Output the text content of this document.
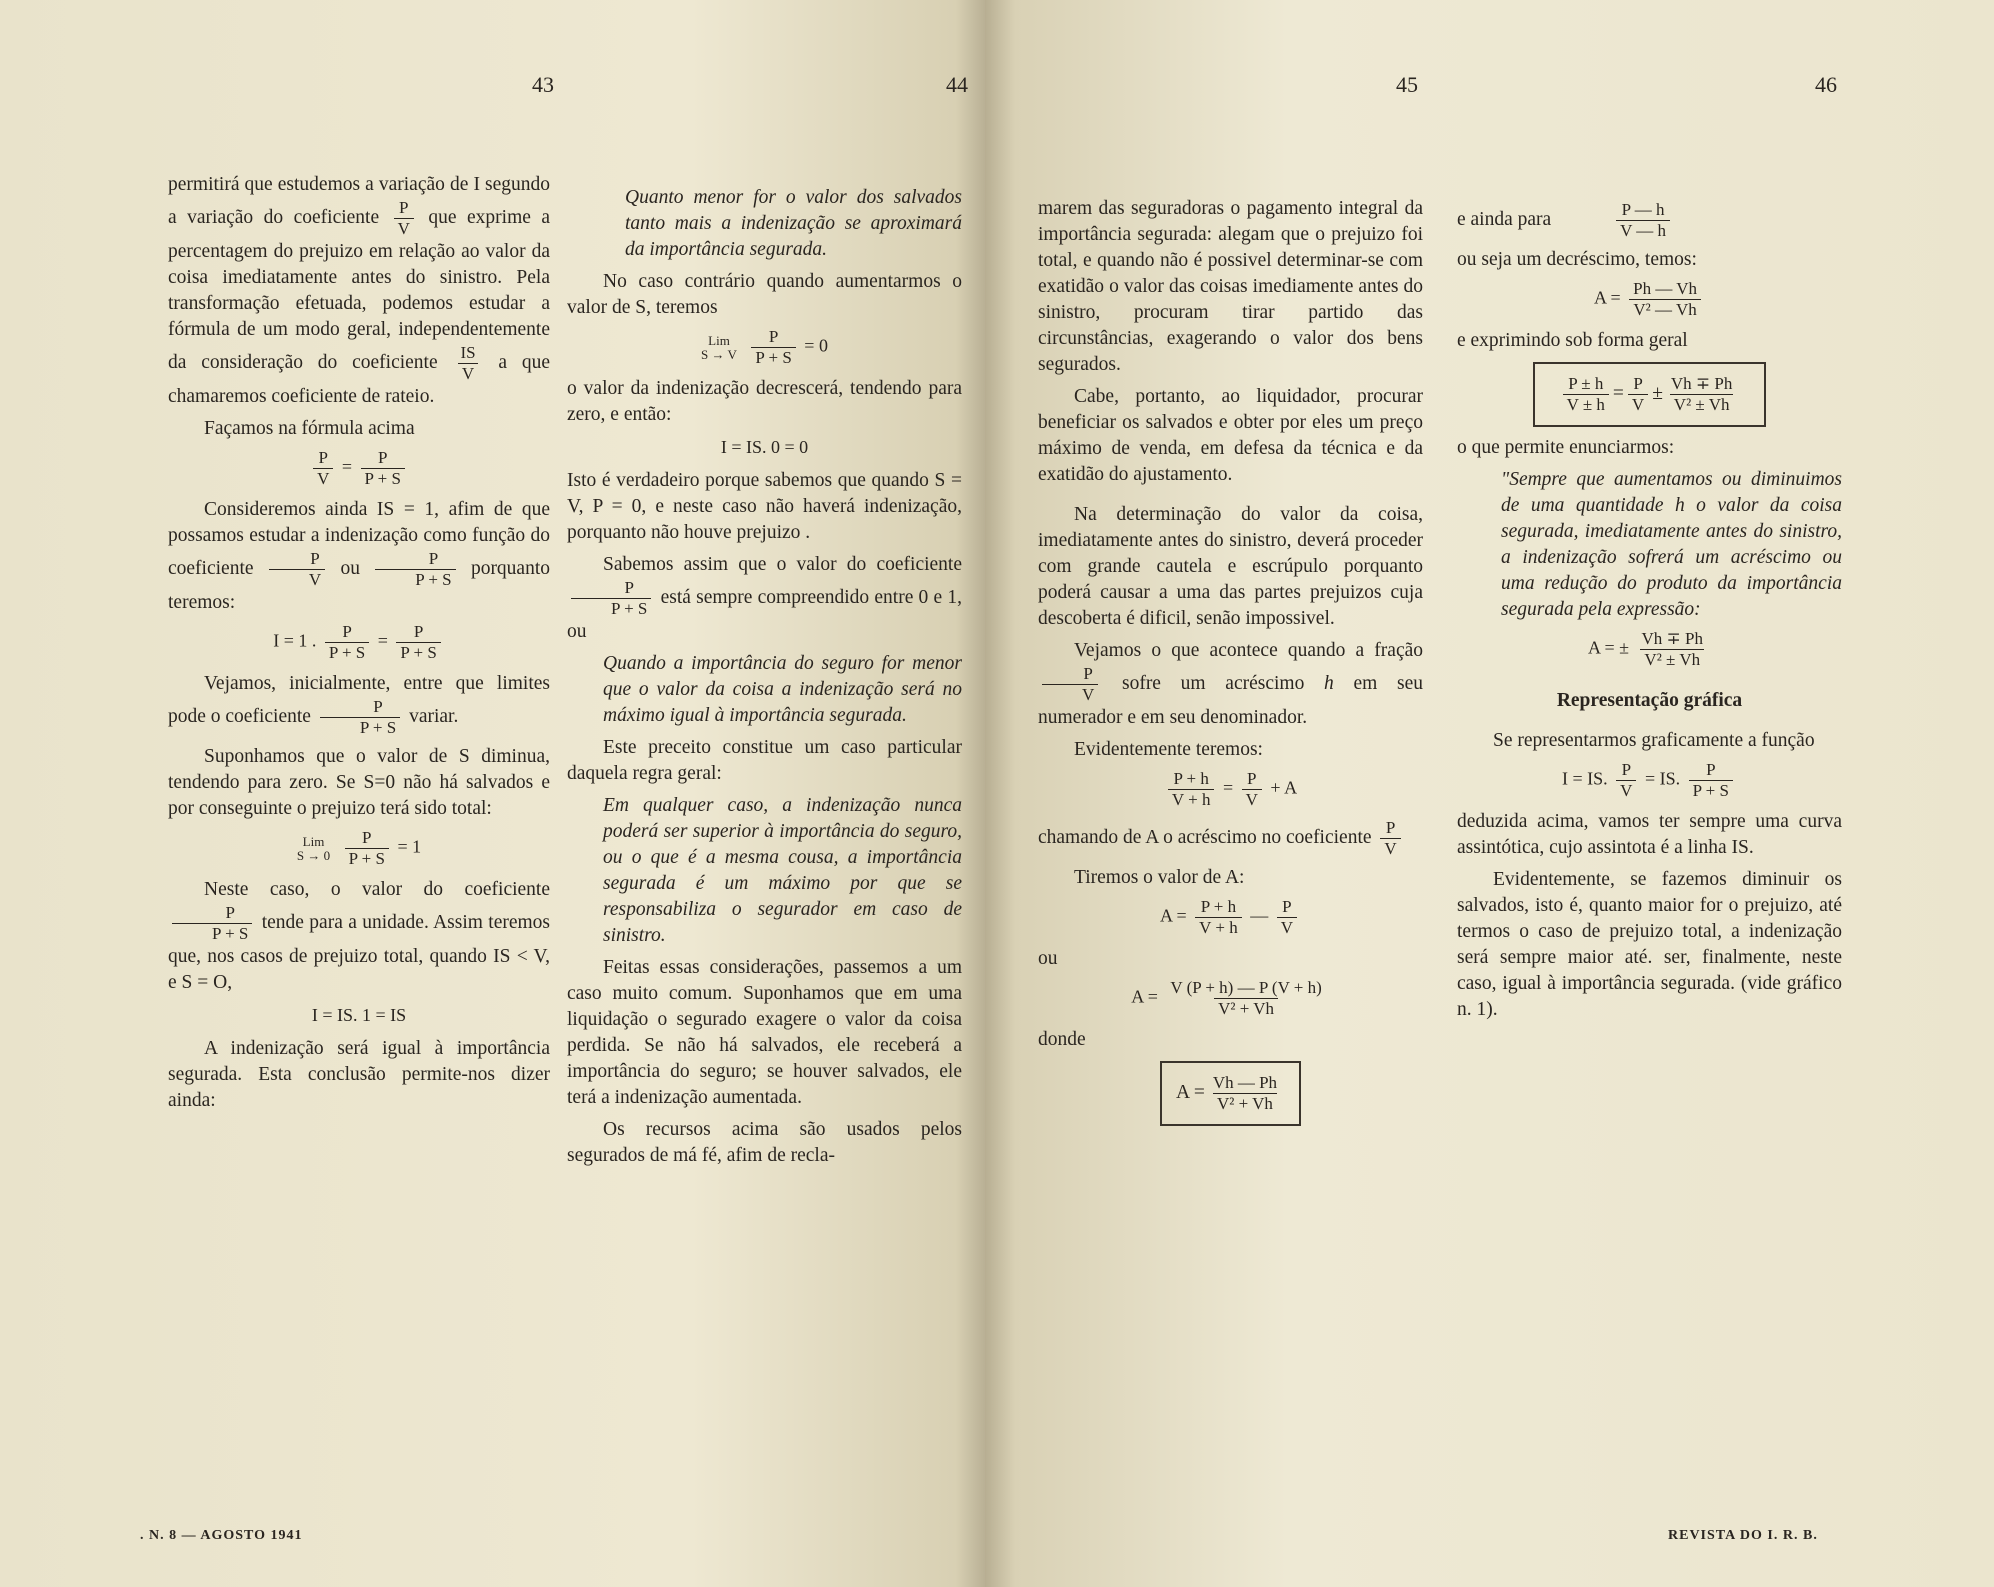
43	44	45	46

permitirá que estudemos a variação de I segundo a variação do coeficiente $\frac{P}{V}$ que exprime a percentagem do prejuizo em relação ao valor da coisa imediatamente antes do sinistro. Pela transformação efetuada, podemos estudar a fórmula de um modo geral, independentemente da consideração do coeficiente $\frac{IS}{V}$ a que chamaremos coeficiente de rateio.

Façamos na fórmula acima

$\frac{P}{V} = \frac{P}{P + S}$

Consideremos ainda IS = 1, afim de que possamos estudar a indenização como função do coeficiente $\frac{P}{V}$ ou $\frac{P}{P + S}$ porquanto teremos:

I = 1 . $\frac{P}{P + S} = \frac{P}{P + S}$

Vejamos, inicialmente, entre que limites pode o coeficiente $\frac{P}{P + S}$ variar.

Suponhamos que o valor de S diminua, tendendo para zero. Se S=0 não há salvados e por conseguinte o prejuizo terá sido total:

Lim
S → 0
$\frac{P}{P + S} = 1$

Neste caso, o valor do coeficiente
$\frac{P}{P + S}$ tende para a unidade. Assim teremos que, nos casos de prejuizo total, quando IS < V, e S = O,

I = IS. 1 = IS

A indenização será igual à importância segurada. Esta conclusão permite-nos dizer ainda:

Quanto menor for o valor dos salvados tanto mais a indenização se aproximará da importância segurada.

No caso contrário quando aumentarmos o valor de S, teremos

Lim
S → V
$\frac{P}{P + S} = 0$

o valor da indenização decrescerá, tendendo para zero, e então:

I = IS. 0 = 0

Isto é verdadeiro porque sabemos que quando S = V, P = 0, e neste caso não haverá indenização, porquanto não houve prejuizo .

Sabemos assim que o valor do coeficiente
$\frac{P}{P + S}$ está sempre compreendido entre 0 e 1, ou

Quando a importância do seguro for menor que o valor da coisa a indenização será no máximo igual à importância segurada.

Este preceito constitue um caso particular daquela regra geral:

Em qualquer caso, a indenização nunca poderá ser superior à importância do seguro, ou o que é a mesma cousa, a importância segurada é um máximo por que se responsabiliza o segurador em caso de sinistro.

Feitas essas considerações, passemos a um caso muito comum. Suponhamos que em uma liquidação o segurado exagere o valor da coisa perdida. Se não há salvados, ele receberá a importância do seguro; se houver salvados, ele terá a indenização aumentada.

Os recursos acima são usados pelos segurados de má fé, afim de recla-

marem das seguradoras o pagamento integral da importância segurada: alegam que o prejuizo foi total, e quando não é possivel determinar-se com exatidão o valor das coisas imediamente antes do sinistro, procuram tirar partido das circunstâncias, exagerando o valor dos bens segurados.

Cabe, portanto, ao liquidador, procurar beneficiar os salvados e obter por eles um preço máximo de venda, em defesa da técnica e da exatidão do ajustamento.

Na determinação do valor da coisa, imediatamente antes do sinistro, deverá proceder com grande cautela e escrúpulo porquanto poderá causar a uma das partes prejuizos cuja descoberta é dificil, senão impossivel.

Vejamos o que acontece quando a fração
$\frac{P}{V}$ sofre um acréscimo h em seu numerador e em seu denominador.

Evidentemente teremos:

$\frac{P + h}{V + h} = \frac{P}{V} + A$

chamando de A o acréscimo no coeficiente $\frac{P}{V}$

Tiremos o valor de A:

$A = \frac{P + h}{V + h}$ — $\frac{P}{V}$

ou

$A = \frac{V (P + h) — P (V + h)}{\text{V² + Vh}}$

donde

$A = \frac{Vh — Ph}{\text{V² + Vh}}$

e ainda para	$\frac{P — h}{V — h}$

ou seja um decréscimo, temos:

$A = \frac{Ph — Vh}{\text{V² — Vh}}$

e exprimindo sob forma geral

$\frac{P \pm h}{V \pm h} = \frac{P}{V} \pm \frac{Vh \mp Ph}{\text{V² ± Vh}}$

o que permite enunciarmos:

"Sempre que aumentamos ou diminuimos de uma quantidade h o valor da coisa segurada, imediatamente antes do sinistro, a indenização sofrerá um acréscimo ou uma redução do produto da importância segurada pela expressão:

A = ± $\frac{Vh \mp Ph}{\text{V² ± Vh}}$
Representação gráfica

Se representarmos graficamente a função

I = IS. $\frac{P}{V}$ = IS. $\frac{P}{P + S}$

deduzida acima, vamos ter sempre uma curva assintótica, cujo assintota é a linha IS.

Evidentemente, se fazemos diminuir os salvados, isto é, quanto maior for o prejuizo, até termos o caso de prejuizo total, a indenização será sempre maior até. ser, finalmente, neste caso, igual à importância segurada. (vide gráfico n. 1).

. N. 8 — AGOSTO 1941	REVISTA DO I. R. B.
